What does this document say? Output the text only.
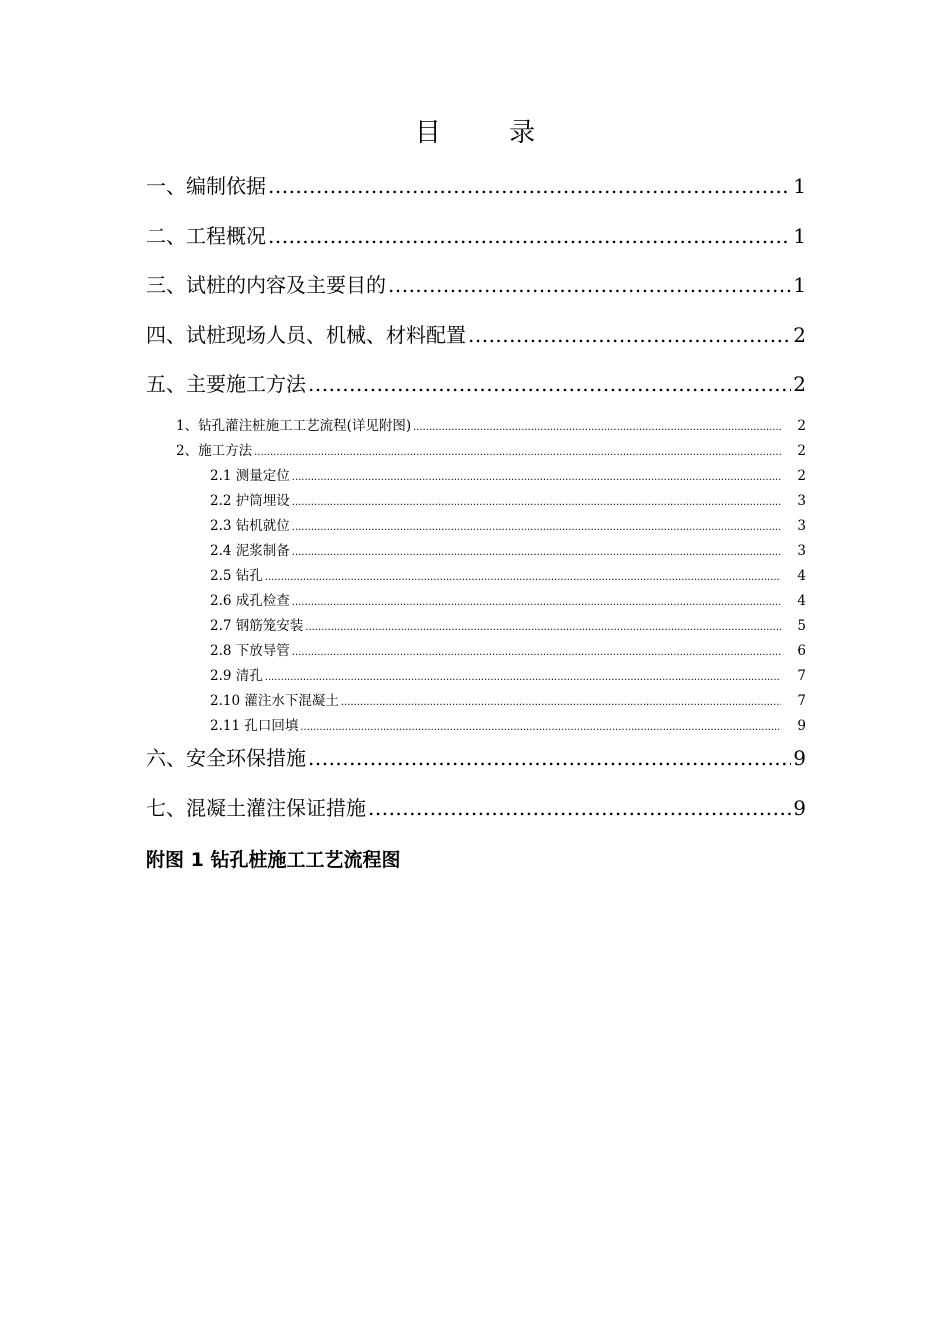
目 录
一、编制依据 .....	1
二、工程概况 .....	1
三、试桩的内容及主要目的 .....	1
四、试桩现场人员、机械、材料配置 .....	2
五、主要施工方法 .....	2
1、钻孔灌注桩施工工艺流程(详见附图) .....	2
2、施工方法 .....	2
2.1 测量定位 .....	2
2.2 护筒埋设 .....	3
2.3 钻机就位 .....	3
2.4 泥浆制备 .....	3
2.5 钻孔 .....	4
2.6 成孔检查 .....	4
2.7 钢筋笼安装 .....	5
2.8 下放导管 .....	6
2.9 清孔 .....	7
2.10 灌注水下混凝土 .....	7
2.11 孔口回填 .....	9
六、安全环保措施 .....	9
七、混凝土灌注保证措施 .....	9
附图 1 钻孔桩施工工艺流程图
